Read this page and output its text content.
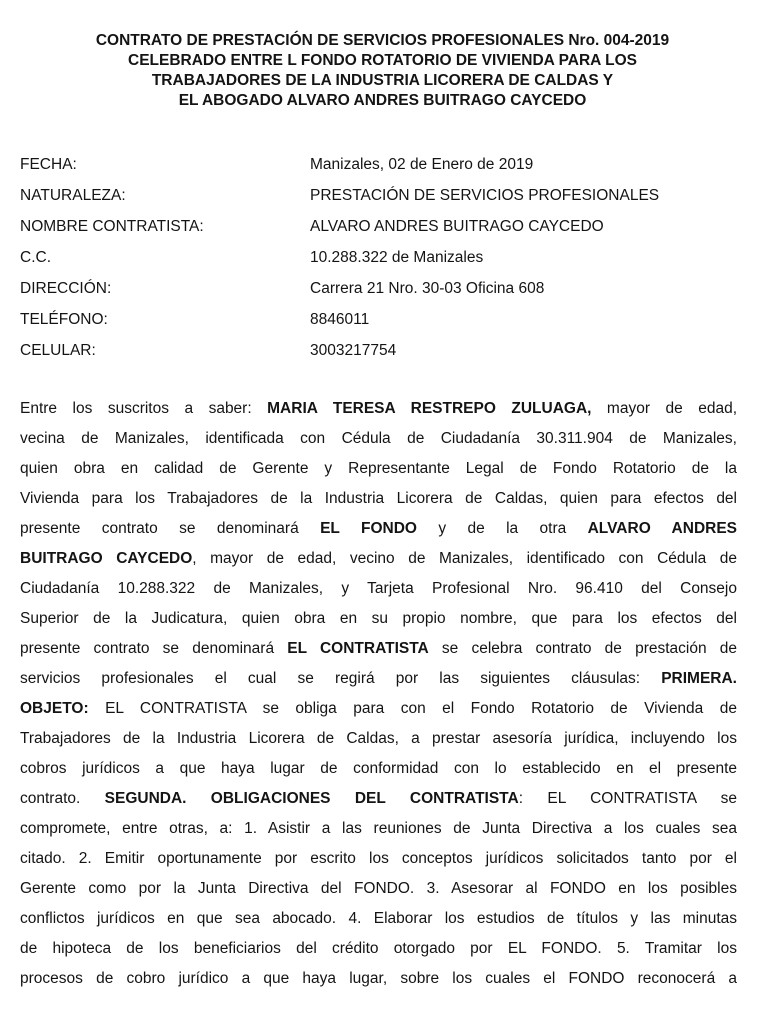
CONTRATO DE PRESTACIÓN DE SERVICIOS PROFESIONALES Nro. 004-2019
CELEBRADO ENTRE L FONDO ROTATORIO DE VIVIENDA PARA LOS
TRABAJADORES DE LA INDUSTRIA LICORERA DE CALDAS Y
EL ABOGADO ALVARO ANDRES BUITRAGO CAYCEDO
FECHA:	Manizales, 02 de Enero de 2019
NATURALEZA:	PRESTACIÓN DE SERVICIOS PROFESIONALES
NOMBRE CONTRATISTA:	ALVARO ANDRES BUITRAGO CAYCEDO
C.C.	10.288.322 de Manizales
DIRECCIÓN:	Carrera 21 Nro. 30-03 Oficina 608
TELÉFONO:	8846011
CELULAR:	3003217754
Entre los suscritos a saber: MARIA TERESA RESTREPO ZULUAGA, mayor de edad,
vecina de Manizales, identificada con Cédula de Ciudadanía 30.311.904 de Manizales,
quien obra en calidad de Gerente y Representante Legal de Fondo Rotatorio de la
Vivienda para los Trabajadores de la Industria Licorera de Caldas, quien para efectos del
presente contrato se denominará EL FONDO y de la otra ALVARO ANDRES
BUITRAGO CAYCEDO, mayor de edad, vecino de Manizales, identificado con Cédula de
Ciudadanía 10.288.322 de Manizales, y Tarjeta Profesional Nro. 96.410 del Consejo
Superior de la Judicatura, quien obra en su propio nombre, que para los efectos del
presente contrato se denominará EL CONTRATISTA se celebra contrato de prestación de
servicios profesionales el cual se regirá por las siguientes cláusulas: PRIMERA.
OBJETO: EL CONTRATISTA se obliga para con el Fondo Rotatorio de Vivienda de
Trabajadores de la Industria Licorera de Caldas, a prestar asesoría jurídica, incluyendo los
cobros jurídicos a que haya lugar de conformidad con lo establecido en el presente
contrato. SEGUNDA. OBLIGACIONES DEL CONTRATISTA: EL CONTRATISTA se
compromete, entre otras, a: 1. Asistir a las reuniones de Junta Directiva a los cuales sea
citado. 2. Emitir oportunamente por escrito los conceptos jurídicos solicitados tanto por el
Gerente como por la Junta Directiva del FONDO. 3. Asesorar al FONDO en los posibles
conflictos jurídicos en que sea abocado. 4. Elaborar los estudios de títulos y las minutas
de hipoteca de los beneficiarios del crédito otorgado por EL FONDO. 5. Tramitar los
procesos de cobro jurídico a que haya lugar, sobre los cuales el FONDO reconocerá a
